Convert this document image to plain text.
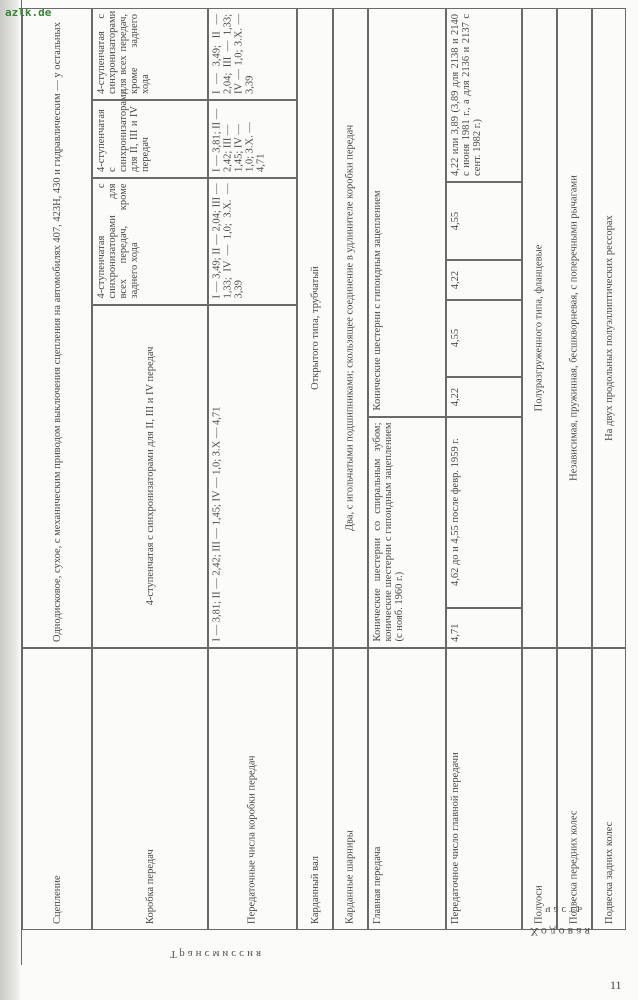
azlk.de
Сцепление
Однодисковое, сухое, с механическим приводом выключения сцепления на автомобилях 407, 423Н, 430 и гидравлическим — у остальных
Коробка передач
4-ступенчатая с синхронизаторами для II, III и IV передач
4-ступенчатая с синхронизаторами для всех передач, кроме заднего хода
4-ступенчатая с синхронизаторами для II, III и IV передач
4-ступенчатая с синхронизаторами для всех передач, кроме заднего хода
Передаточные числа коробки передач
I — 3,81; II — 2,42; III — 1,45; IV — 1,0; З.Х — 4,71
I — 3,49; II — 2,04; III — 1,33; IV — 1,0; З.Х. — 3,39
I — 3,81; II — 2,42; III — 1,45; IV — 1,0; З.Х. — 4,71
I — 3,49; II — 2,04; III — 1,33; IV — 1,0; З.Х. — 3,39
Карданный вал
Открытого типа, трубчатый
Карданные шарниры
Два, с игольчатыми подшипниками; скользящее соединение в удлинителе коробки передач
Главная передача
Конические шестерни со спиральным зубом; конические шестерни с гипоидным зацеплением (с нояб. 1960 г.)
Конические шестерни с гипоидным зацеплением
Передаточное число главной передачи
4,71
4,62 до и 4,55 после февр. 1959 г.
4,22
4,55
4,22
4,55
4,22 или 3,89 (3,89 для 2138 и 2140 с июня 1981 г., а для 2136 и 2137 с сент. 1982 г.)
Полуоси
Полуразгруженного типа, фланцевые
Подвеска передних колес
Независимая, пружинная, бесшкворневая, с поперечными рычагами
Подвеска задних колес
На двух продольных полуэллиптических рессорах
Трансмиссия
часть
Ходовая
11
